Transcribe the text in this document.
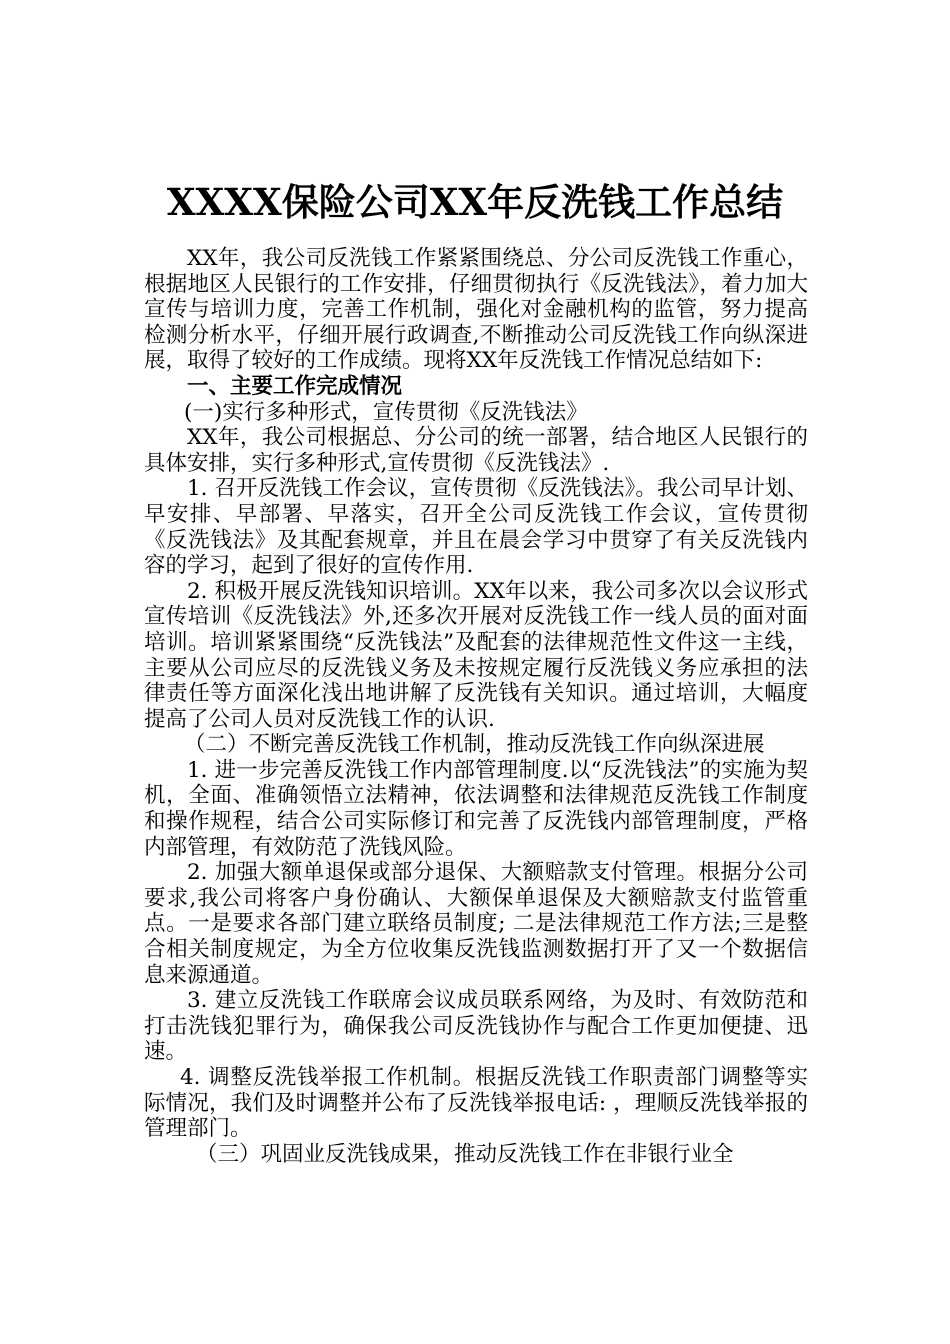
XXXX保险公司XX年反洗钱工作总结

XX年，我公司反洗钱工作紧紧围绕总、分公司反洗钱工作重心，根据地区人民银行的工作安排，仔细贯彻执行《反洗钱法》，着力加大宣传与培训力度，完善工作机制，强化对金融机构的监管，努力提高检测分析水平，仔细开展行政调查,不断推动公司反洗钱工作向纵深进展，取得了较好的工作成绩。现将XX年反洗钱工作情况总结如下:

一、主要工作完成情况

(一)实行多种形式，宣传贯彻《反洗钱法》

XX年，我公司根据总、分公司的统一部署，结合地区人民银行的具体安排，实行多种形式,宣传贯彻《反洗钱法》.

1. 召开反洗钱工作会议，宣传贯彻《反洗钱法》。我公司早计划、早安排、早部署、早落实，召开全公司反洗钱工作会议，宣传贯彻《反洗钱法》及其配套规章，并且在晨会学习中贯穿了有关反洗钱内容的学习，起到了很好的宣传作用.

2. 积极开展反洗钱知识培训。XX年以来，我公司多次以会议形式宣传培训《反洗钱法》外,还多次开展对反洗钱工作一线人员的面对面培训。培训紧紧围绕“反洗钱法”及配套的法律规范性文件这一主线，主要从公司应尽的反洗钱义务及未按规定履行反洗钱义务应承担的法律责任等方面深化浅出地讲解了反洗钱有关知识。通过培训，大幅度提高了公司人员对反洗钱工作的认识.

（二）不断完善反洗钱工作机制，推动反洗钱工作向纵深进展

1. 进一步完善反洗钱工作内部管理制度.以“反洗钱法”的实施为契机，全面、准确领悟立法精神，依法调整和法律规范反洗钱工作制度和操作规程，结合公司实际修订和完善了反洗钱内部管理制度，严格内部管理，有效防范了洗钱风险。

2. 加强大额单退保或部分退保、大额赔款支付管理。根据分公司要求,我公司将客户身份确认、大额保单退保及大额赔款支付监管重点。一是要求各部门建立联络员制度; 二是法律规范工作方法;三是整合相关制度规定，为全方位收集反洗钱监测数据打开了又一个数据信息来源通道。

3. 建立反洗钱工作联席会议成员联系网络，为及时、有效防范和打击洗钱犯罪行为，确保我公司反洗钱协作与配合工作更加便捷、迅速。

4. 调整反洗钱举报工作机制。根据反洗钱工作职责部门调整等实际情况，我们及时调整并公布了反洗钱举报电话: ，理顺反洗钱举报的管理部门。

（三）巩固业反洗钱成果，推动反洗钱工作在非银行业全
